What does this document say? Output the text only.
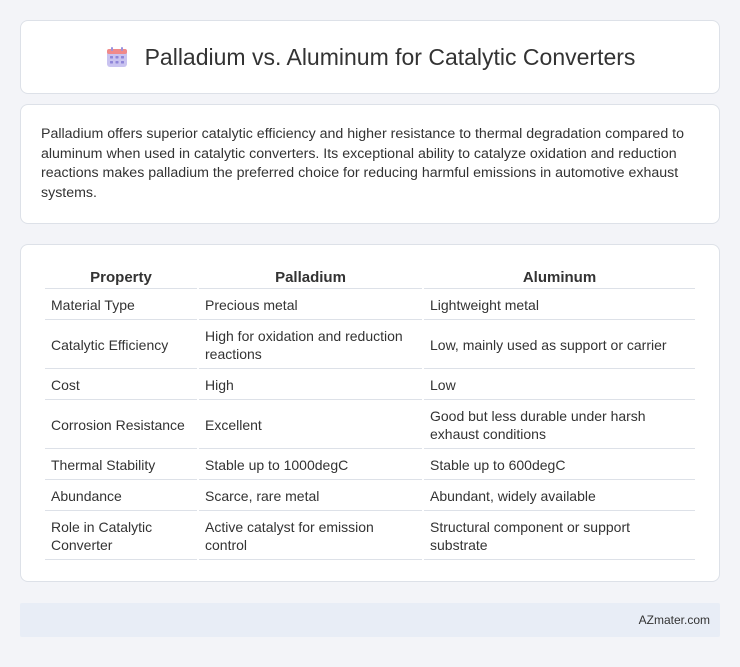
Palladium vs. Aluminum for Catalytic Converters

Palladium offers superior catalytic efficiency and higher resistance to thermal degradation compared to aluminum when used in catalytic converters. Its exceptional ability to catalyze oxidation and reduction reactions makes palladium the preferred choice for reducing harmful emissions in automotive exhaust systems.

Property	Palladium	Aluminum
Material Type	Precious metal	Lightweight metal
Catalytic Efficiency	High for oxidation and reduction reactions	Low, mainly used as support or carrier
Cost	High	Low
Corrosion Resistance	Excellent	Good but less durable under harsh exhaust conditions
Thermal Stability	Stable up to 1000degC	Stable up to 600degC
Abundance	Scarce, rare metal	Abundant, widely available
Role in Catalytic Converter	Active catalyst for emission control	Structural component or support substrate
AZmater.com
